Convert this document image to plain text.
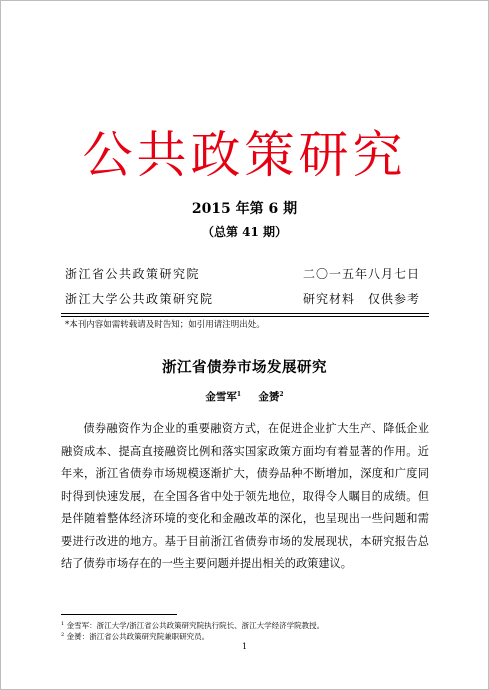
公共政策研究
2015 年第 6 期
（总第 41 期）
浙江省公共政策研究院
浙江大学公共政策研究院
二〇一五年八月七日
研究材料　仅供参考
*本刊内容如需转载请及时告知；如引用请注明出处。
浙江省债券市场发展研究
金雪军$^1$ 金赟$^2$
债券融资作为企业的重要融资方式，在促进企业扩大生产、降低企业融资成本、提高直接融资比例和落实国家政策方面均有着显著的作用。近年来，浙江省债券市场规模逐渐扩大，债券品种不断增加，深度和广度同时得到快速发展，在全国各省中处于领先地位，取得令人瞩目的成绩。但是伴随着整体经济环境的变化和金融改革的深化，也呈现出一些问题和需要进行改进的地方。基于目前浙江省债券市场的发展现状，本研究报告总结了债券市场存在的一些主要问题并提出相关的政策建议。
$^1$ 金雪军：浙江大学/浙江省公共政策研究院执行院长、浙江大学经济学院教授。
$^2$ 金赟：浙江省公共政策研究院兼职研究员。
1
